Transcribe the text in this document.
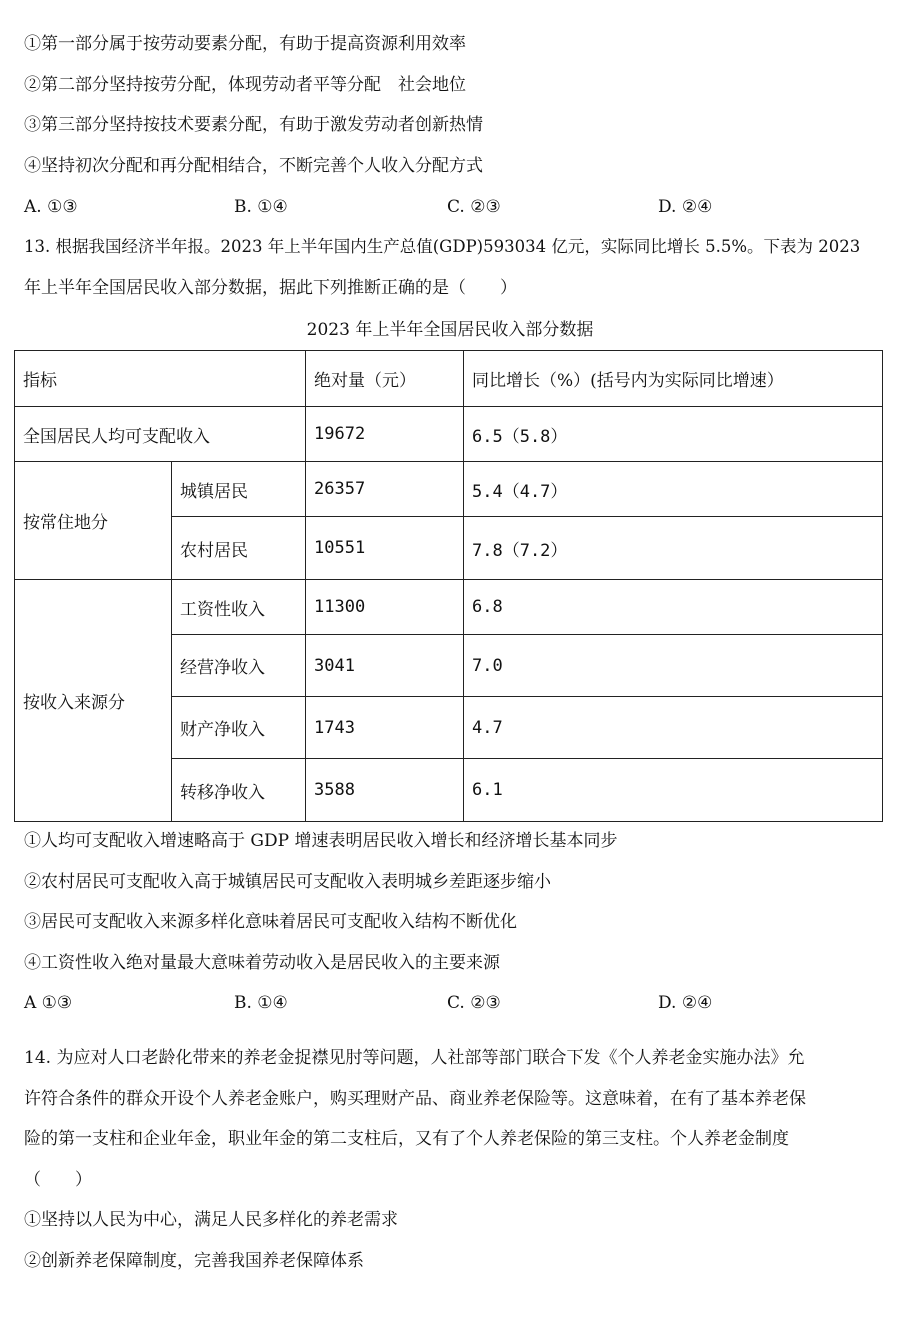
①第一部分属于按劳动要素分配，有助于提高资源利用效率
②第二部分坚持按劳分配，体现劳动者平等分配　社会地位
③第三部分坚持按技术要素分配，有助于激发劳动者创新热情
④坚持初次分配和再分配相结合，不断完善个人收入分配方式
A. ①③	B. ①④	C. ②③	D. ②④
13. 根据我国经济半年报。2023 年上半年国内生产总值(GDP)593034 亿元，实际同比增长 5.5%。下表为 2023
年上半年全国居民收入部分数据，据此下列推断正确的是（　　）
2023 年上半年全国居民收入部分数据
指标		绝对量（元）	同比增长（%）(括号内为实际同比增速）
全国居民人均可支配收入		19672	6.5（5.8）
按常住地分	城镇居民	26357	5.4（4.7）
	农村居民	10551	7.8（7.2）
按收入来源分	工资性收入	11300	6.8
	经营净收入	3041	7.0
	财产净收入	1743	4.7
	转移净收入	3588	6.1
①人均可支配收入增速略高于 GDP 增速表明居民收入增长和经济增长基本同步
②农村居民可支配收入高于城镇居民可支配收入表明城乡差距逐步缩小
③居民可支配收入来源多样化意味着居民可支配收入结构不断优化
④工资性收入绝对量最大意味着劳动收入是居民收入的主要来源
A ①③	B. ①④	C. ②③	D. ②④
14. 为应对人口老龄化带来的养老金捉襟见肘等问题，人社部等部门联合下发《个人养老金实施办法》允
许符合条件的群众开设个人养老金账户，购买理财产品、商业养老保险等。这意味着，在有了基本养老保
险的第一支柱和企业年金，职业年金的第二支柱后，又有了个人养老保险的第三支柱。个人养老金制度
（　　）
①坚持以人民为中心，满足人民多样化的养老需求
②创新养老保障制度，完善我国养老保障体系
